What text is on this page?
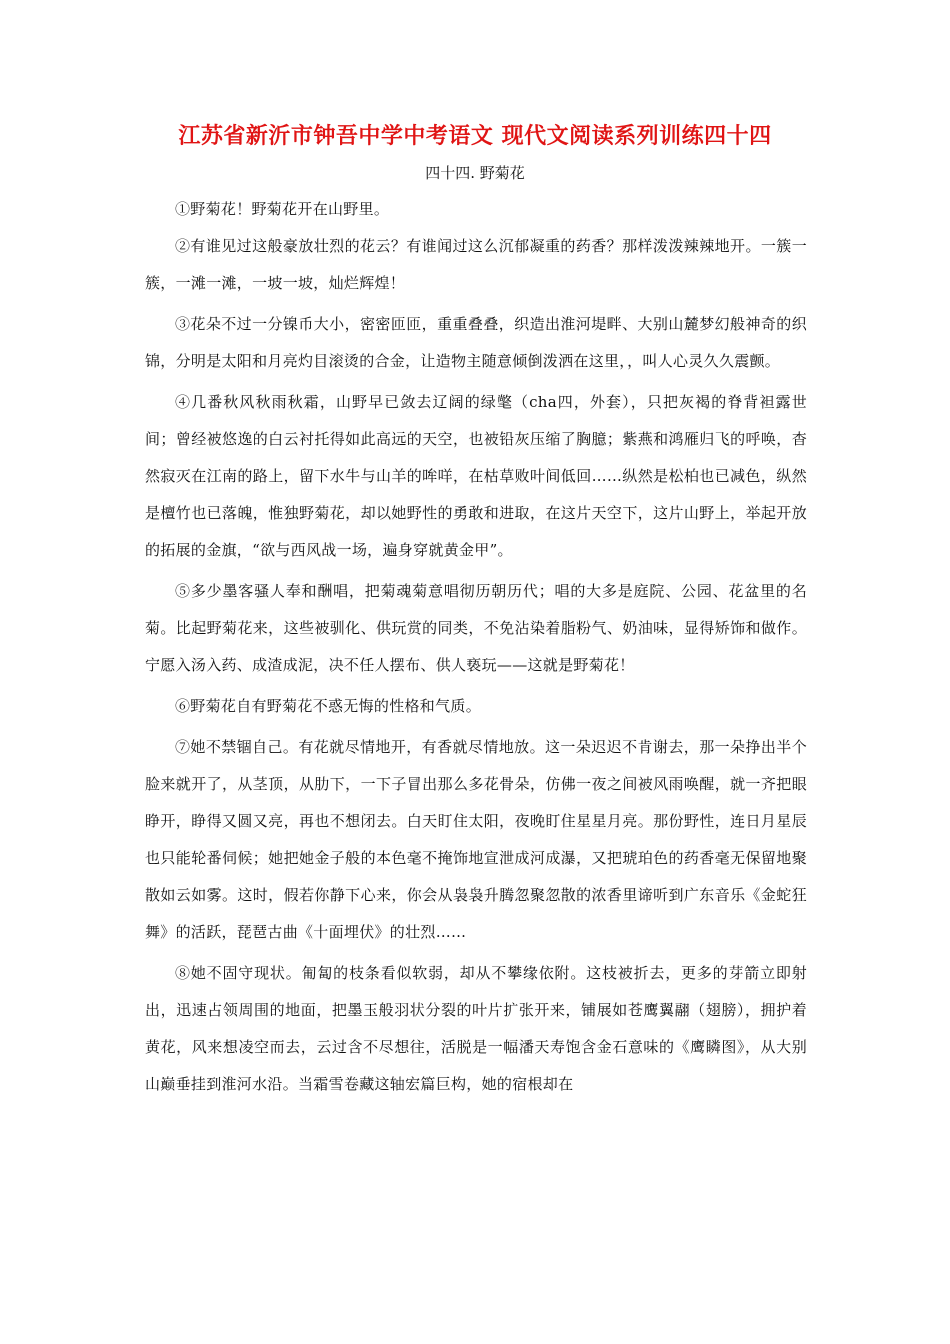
江苏省新沂市钟吾中学中考语文 现代文阅读系列训练四十四

四十四. 野菊花

①野菊花！野菊花开在山野里。

②有谁见过这般豪放壮烈的花云？有谁闻过这么沉郁凝重的药香？那样泼泼辣辣地开。一簇一簇，一滩一滩，一坡一坡，灿烂辉煌！

③花朵不过一分镍币大小，密密匝匝，重重叠叠，织造出淮河堤畔、大别山麓梦幻般神奇的织锦，分明是太阳和月亮灼目滚烫的合金，让造物主随意倾倒泼洒在这里，，叫人心灵久久震颤。

④几番秋风秋雨秋霜，山野早已敛去辽阔的绿氅（cha四，外套），只把灰褐的脊背袒露世间；曾经被悠逸的白云衬托得如此高远的天空，也被铅灰压缩了胸臆；紫燕和鸿雁归飞的呼唤，杳然寂灭在江南的路上，留下水牛与山羊的哞咩，在枯草败叶间低回……纵然是松柏也已减色，纵然是檀竹也已落魄，惟独野菊花，却以她野性的勇敢和进取，在这片天空下，这片山野上，举起开放的拓展的金旗，“欲与西风战一场，遍身穿就黄金甲”。

⑤多少墨客骚人奉和酬唱，把菊魂菊意唱彻历朝历代；唱的大多是庭院、公园、花盆里的名菊。比起野菊花来，这些被驯化、供玩赏的同类，不免沾染着脂粉气、奶油味，显得矫饰和做作。宁愿入汤入药、成渣成泥，决不任人摆布、供人亵玩——这就是野菊花！

⑥野菊花自有野菊花不惑无悔的性格和气质。

⑦她不禁锢自己。有花就尽情地开，有香就尽情地放。这一朵迟迟不肯谢去，那一朵挣出半个脸来就开了，从茎顶，从肋下，一下子冒出那么多花骨朵，仿佛一夜之间被风雨唤醒，就一齐把眼睁开，睁得又圆又亮，再也不想闭去。白天盯住太阳，夜晚盯住星星月亮。那份野性，连日月星辰也只能轮番伺候；她把她金子般的本色毫不掩饰地宣泄成河成瀑，又把琥珀色的药香毫无保留地聚散如云如雾。这时，假若你静下心来，你会从袅袅升腾忽聚忽散的浓香里谛听到广东音乐《金蛇狂舞》的活跃，琵琶古曲《十面埋伏》的壮烈……

⑧她不固守现状。匍匐的枝条看似软弱，却从不攀缘依附。这枝被折去，更多的芽箭立即射出，迅速占领周围的地面，把墨玉般羽状分裂的叶片扩张开来，铺展如苍鹰翼翮（翅膀），拥护着黄花，风来想凌空而去，云过含不尽想往，活脱是一幅潘天寿饱含金石意味的《鹰瞵图》，从大别山巅垂挂到淮河水沿。当霜雪卷藏这轴宏篇巨构，她的宿根却在
